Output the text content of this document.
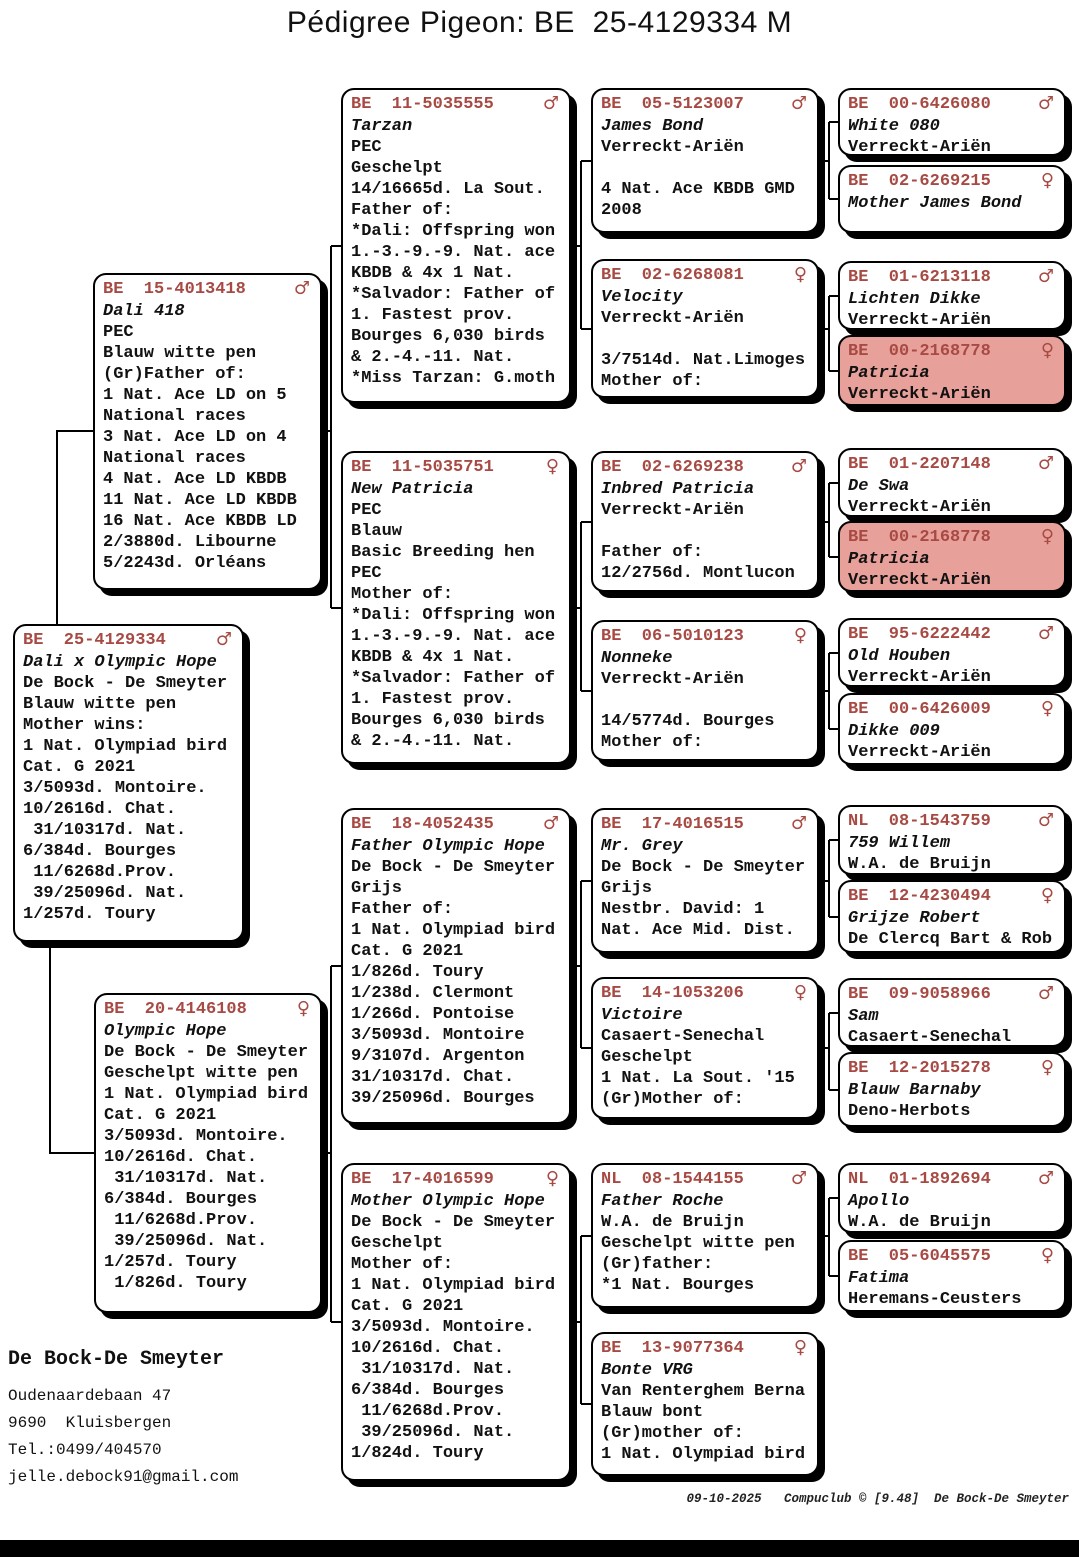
Pédigree Pigeon: BE  25-4129334 M
BE  25-4129334	♂
Dali x Olympic Hope
De Bock - De Smeyter
Blauw witte pen
Mother wins:
1 Nat. Olympiad bird
Cat. G 2021
3/5093d. Montoire.
10/2616d. Chat.
31/10317d. Nat.
6/384d. Bourges
11/6268d.Prov.
39/25096d. Nat.
1/257d. Toury
BE  15-4013418	♂
Dali 418
PEC
Blauw witte pen
(Gr)Father of:
1 Nat. Ace LD on 5
National races
3 Nat. Ace LD on 4
National races
4 Nat. Ace LD KBDB
11 Nat. Ace LD KBDB
16 Nat. Ace KBDB LD
2/3880d. Libourne
5/2243d. Orléans
BE  20-4146108	♀
Olympic Hope
De Bock - De Smeyter
Geschelpt witte pen
1 Nat. Olympiad bird
Cat. G 2021
3/5093d. Montoire.
10/2616d. Chat.
31/10317d. Nat.
6/384d. Bourges
11/6268d.Prov.
39/25096d. Nat.
1/257d. Toury
1/826d. Toury
BE  11-5035555	♂
Tarzan
PEC
Geschelpt
14/16665d. La Sout.
Father of:
*Dali: Offspring won
1.-3.-9.-9. Nat. ace
KBDB & 4x 1 Nat.
*Salvador: Father of
1. Fastest prov.
Bourges 6,030 birds
& 2.-4.-11. Nat.
*Miss Tarzan: G.moth
BE  11-5035751	♀
New Patricia
PEC
Blauw
Basic Breeding hen
PEC
Mother of:
*Dali: Offspring won
1.-3.-9.-9. Nat. ace
KBDB & 4x 1 Nat.
*Salvador: Father of
1. Fastest prov.
Bourges 6,030 birds
& 2.-4.-11. Nat.
BE  18-4052435	♂
Father Olympic Hope
De Bock - De Smeyter
Grijs
Father of:
1 Nat. Olympiad bird
Cat. G 2021
1/826d. Toury
1/238d. Clermont
1/266d. Pontoise
3/5093d. Montoire
9/3107d. Argenton
31/10317d. Chat.
39/25096d. Bourges
BE  17-4016599	♀
Mother Olympic Hope
De Bock - De Smeyter
Geschelpt
Mother of:
1 Nat. Olympiad bird
Cat. G 2021
3/5093d. Montoire.
10/2616d. Chat.
31/10317d. Nat.
6/384d. Bourges
11/6268d.Prov.
39/25096d. Nat.
1/824d. Toury
BE  05-5123007	♂
James Bond
Verreckt-Ariën

4 Nat. Ace KBDB GMD
2008
BE  02-6268081	♀
Velocity
Verreckt-Ariën

3/7514d. Nat.Limoges
Mother of:
BE  02-6269238	♂
Inbred Patricia
Verreckt-Ariën

Father of:
12/2756d. Montlucon
BE  06-5010123	♀
Nonneke
Verreckt-Ariën

14/5774d. Bourges
Mother of:
BE  17-4016515	♂
Mr. Grey
De Bock - De Smeyter
Grijs
Nestbr. David: 1
Nat. Ace Mid. Dist.
BE  14-1053206	♀
Victoire
Casaert-Senechal
Geschelpt
1 Nat. La Sout. '15
(Gr)Mother of:
NL  08-1544155	♂
Father Roche
W.A. de Bruijn
Geschelpt witte pen
(Gr)father:
*1 Nat. Bourges
BE  13-9077364	♀
Bonte VRG
Van Renterghem Berna
Blauw bont
(Gr)mother of:
1 Nat. Olympiad bird
BE  00-6426080	♂
White 080
Verreckt-Ariën
BE  02-6269215	♀
Mother James Bond
BE  01-6213118	♂
Lichten Dikke
Verreckt-Ariën
BE  00-2168778	♀
Patricia
Verreckt-Ariën
BE  01-2207148	♂
De Swa
Verreckt-Ariën
BE  00-2168778	♀
Patricia
Verreckt-Ariën
BE  95-6222442	♂
Old Houben
Verreckt-Ariën
BE  00-6426009	♀
Dikke 009
Verreckt-Ariën
NL  08-1543759	♂
759 Willem
W.A. de Bruijn
BE  12-4230494	♀
Grijze Robert
De Clercq Bart & Rob
BE  09-9058966	♂
Sam
Casaert-Senechal
BE  12-2015278	♀
Blauw Barnaby
Deno-Herbots
NL  01-1892694	♂
Apollo
W.A. de Bruijn
BE  05-6045575	♀
Fatima
Heremans-Ceusters
De Bock-De Smeyter
Oudenaardebaan 47
9690  Kluisbergen
Tel.:0499/404570
jelle.debock91@gmail.com
09-10-2025   Compuclub © [9.48]  De Bock-De Smeyter
